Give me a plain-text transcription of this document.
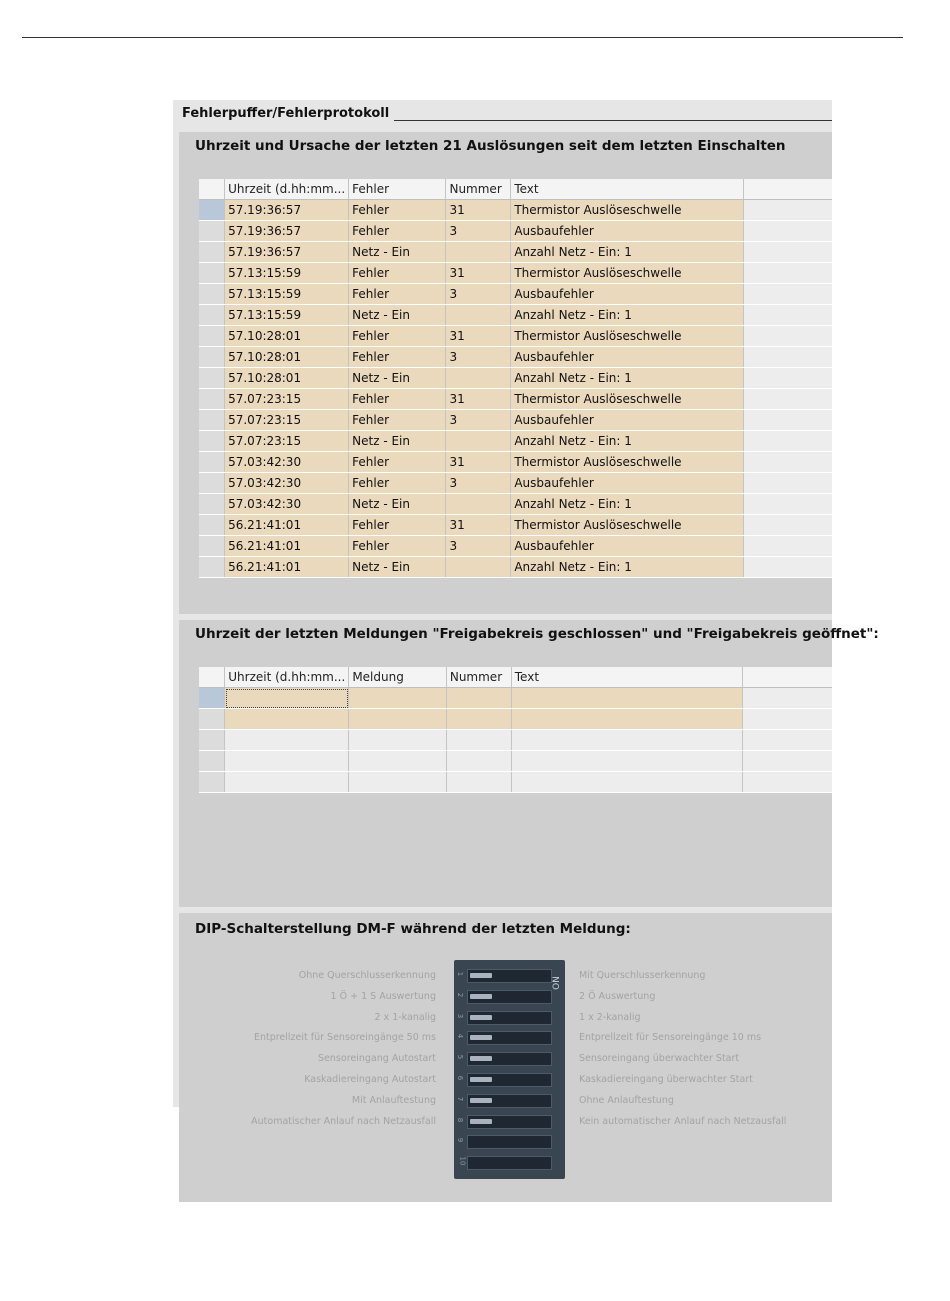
Fehlerpuffer/Fehlerprotokoll
Uhrzeit und Ursache der letzten 21 Auslösungen seit dem letzten Einschalten
	Uhrzeit (d.hh:mm...	Fehler	Nummer	Text	
	57.19:36:57	Fehler	31	Thermistor Auslöseschwelle	
	57.19:36:57	Fehler	3	Ausbaufehler	
	57.19:36:57	Netz - Ein		Anzahl Netz - Ein: 1	
	57.13:15:59	Fehler	31	Thermistor Auslöseschwelle	
	57.13:15:59	Fehler	3	Ausbaufehler	
	57.13:15:59	Netz - Ein		Anzahl Netz - Ein: 1	
	57.10:28:01	Fehler	31	Thermistor Auslöseschwelle	
	57.10:28:01	Fehler	3	Ausbaufehler	
	57.10:28:01	Netz - Ein		Anzahl Netz - Ein: 1	
	57.07:23:15	Fehler	31	Thermistor Auslöseschwelle	
	57.07:23:15	Fehler	3	Ausbaufehler	
	57.07:23:15	Netz - Ein		Anzahl Netz - Ein: 1	
	57.03:42:30	Fehler	31	Thermistor Auslöseschwelle	
	57.03:42:30	Fehler	3	Ausbaufehler	
	57.03:42:30	Netz - Ein		Anzahl Netz - Ein: 1	
	56.21:41:01	Fehler	31	Thermistor Auslöseschwelle	
	56.21:41:01	Fehler	3	Ausbaufehler	
	56.21:41:01	Netz - Ein		Anzahl Netz - Ein: 1	
Uhrzeit der letzten Meldungen "Freigabekreis geschlossen" und "Freigabekreis geöffnet":
	Uhrzeit (d.hh:mm...	Meldung	Nummer	Text	

DIP-Schalterstellung DM-F während der letzten Meldung:
ON
1
2
3
4
5
6
7
8
9
10
Ohne Querschlusserkennung
1 Ö + 1 S Auswertung
2 x 1-kanalig
Entprellzeit für Sensoreingänge 50 ms
Sensoreingang Autostart
Kaskadiereingang Autostart
Mit Anlauftestung
Automatischer Anlauf nach Netzausfall
Mit Querschlusserkennung
2 Ö Auswertung
1 x 2-kanalig
Entprellzeit für Sensoreingänge 10 ms
Sensoreingang überwachter Start
Kaskadiereingang überwachter Start
Ohne Anlauftestung
Kein automatischer Anlauf nach Netzausfall
